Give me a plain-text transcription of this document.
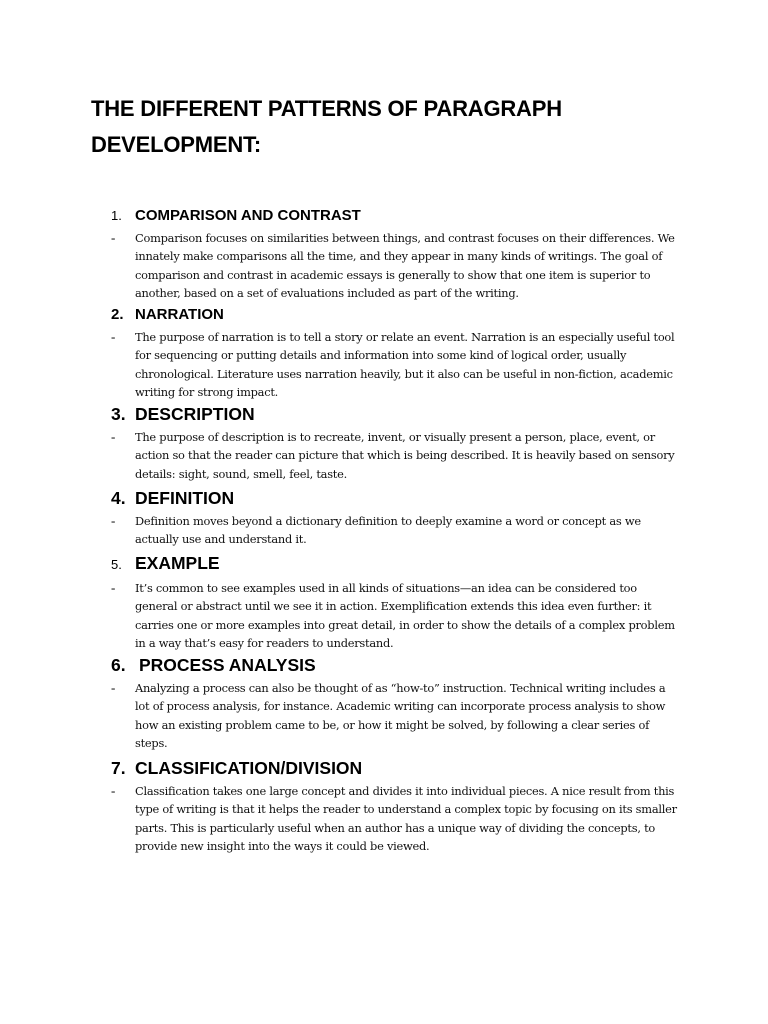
THE DIFFERENT PATTERNS OF PARAGRAPH DEVELOPMENT:
1. COMPARISON AND CONTRAST
-	Comparison focuses on similarities between things, and contrast focuses on their differences. We innately make comparisons all the time, and they appear in many kinds of writings. The goal of comparison and contrast in academic essays is generally to show that one item is superior to another, based on a set of evaluations included as part of the writing.

2. NARRATION
-	The purpose of narration is to tell a story or relate an event. Narration is an especially useful tool for sequencing or putting details and information into some kind of logical order, usually chronological. Literature uses narration heavily, but it also can be useful in non-fiction, academic writing for strong impact.

3. DESCRIPTION
-	The purpose of description is to recreate, invent, or visually present a person, place, event, or action so that the reader can picture that which is being described. It is heavily based on sensory details: sight, sound, smell, feel, taste.

4. DEFINITION
-	Definition moves beyond a dictionary definition to deeply examine a word or concept as we actually use and understand it.

5. EXAMPLE
-	It’s common to see examples used in all kinds of situations—an idea can be considered too general or abstract until we see it in action. Exemplification extends this idea even further: it carries one or more examples into great detail, in order to show the details of a complex problem in a way that’s easy for readers to understand.

6. PROCESS ANALYSIS
-	Analyzing a process can also be thought of as “how-to” instruction. Technical writing includes a lot of process analysis, for instance. Academic writing can incorporate process analysis to show how an existing problem came to be, or how it might be solved, by following a clear series of steps.

7. CLASSIFICATION/DIVISION
-	Classification takes one large concept and divides it into individual pieces. A nice result from this type of writing is that it helps the reader to understand a complex topic by focusing on its smaller parts. This is particularly useful when an author has a unique way of dividing the concepts, to provide new insight into the ways it could be viewed.
